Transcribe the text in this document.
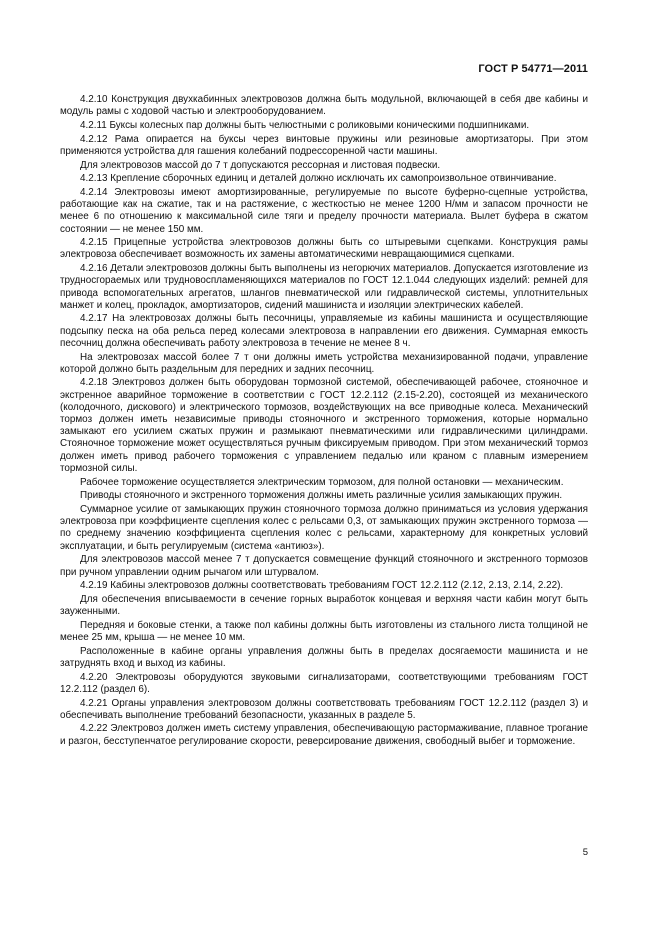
ГОСТ Р 54771—2011

4.2.10 Конструкция двухкабинных электровозов должна быть модульной, включающей в себя две кабины и модуль рамы с ходовой частью и электрооборудованием.

4.2.11 Буксы колесных пар должны быть челюстными с роликовыми коническими подшипниками.

4.2.12 Рама опирается на буксы через винтовые пружины или резиновые амортизаторы. При этом применяются устройства для гашения колебаний подрессоренной части машины.

Для электровозов массой до 7 т допускаются рессорная и листовая подвески.

4.2.13 Крепление сборочных единиц и деталей должно исключать их самопроизвольное отвинчивание.

4.2.14 Электровозы имеют амортизированные, регулируемые по высоте буферно-сцепные устройства, работающие как на сжатие, так и на растяжение, с жесткостью не менее 1200 Н/мм и запасом прочности не менее 6 по отношению к максимальной силе тяги и пределу прочности материала. Вылет буфера в сжатом состоянии — не менее 150 мм.

4.2.15 Прицепные устройства электровозов должны быть со штыревыми сцепками. Конструкция рамы электровоза обеспечивает возможность их замены автоматическими невращающимися сцепками.

4.2.16 Детали электровозов должны быть выполнены из негорючих материалов. Допускается изготовление из трудносгораемых или трудновоспламеняющихся материалов по ГОСТ 12.1.044 следующих изделий: ремней для привода вспомогательных агрегатов, шлангов пневматической или гидравлической системы, уплотнительных манжет и колец, прокладок, амортизаторов, сидений машиниста и изоляции электрических кабелей.

4.2.17 На электровозах должны быть песочницы, управляемые из кабины машиниста и осуществляющие подсыпку песка на оба рельса перед колесами электровоза в направлении его движения. Суммарная емкость песочниц должна обеспечивать работу электровоза в течение не менее 8 ч.

На электровозах массой более 7 т они должны иметь устройства механизированной подачи, управление которой должно быть раздельным для передних и задних песочниц.

4.2.18 Электровоз должен быть оборудован тормозной системой, обеспечивающей рабочее, стояночное и экстренное аварийное торможение в соответствии с ГОСТ 12.2.112 (2.15-2.20), состоящей из механического (колодочного, дискового) и электрического тормозов, воздействующих на все приводные колеса. Механический тормоз должен иметь независимые приводы стояночного и экстренного торможения, которые нормально замыкают его усилием сжатых пружин и размыкают пневматическими или гидравлическими цилиндрами. Стояночное торможение может осуществляться ручным фиксируемым приводом. При этом механический тормоз должен иметь привод рабочего торможения с управлением педалью или краном с плавным измерением тормозной силы.

Рабочее торможение осуществляется электрическим тормозом, для полной остановки — механическим.

Приводы стояночного и экстренного торможения должны иметь различные усилия замыкающих пружин.

Суммарное усилие от замыкающих пружин стояночного тормоза должно приниматься из условия удержания электровоза при коэффициенте сцепления колес с рельсами 0,3, от замыкающих пружин экстренного тормоза — по среднему значению коэффициента сцепления колес с рельсами, характерному для конкретных условий эксплуатации, и быть регулируемым (система «антиюз»).

Для электровозов массой менее 7 т допускается совмещение функций стояночного и экстренного тормозов при ручном управлении одним рычагом или штурвалом.

4.2.19 Кабины электровозов должны соответствовать требованиям ГОСТ 12.2.112 (2.12, 2.13, 2.14, 2.22).

Для обеспечения вписываемости в сечение горных выработок концевая и верхняя части кабин могут быть зауженными.

Передняя и боковые стенки, а также пол кабины должны быть изготовлены из стального листа толщиной не менее 25 мм, крыша — не менее 10 мм.

Расположенные в кабине органы управления должны быть в пределах досягаемости машиниста и не затруднять вход и выход из кабины.

4.2.20 Электровозы оборудуются звуковыми сигнализаторами, соответствующими требованиям ГОСТ 12.2.112 (раздел 6).

4.2.21 Органы управления электровозом должны соответствовать требованиям ГОСТ 12.2.112 (раздел 3) и обеспечивать выполнение требований безопасности, указанных в разделе 5.

4.2.22 Электровоз должен иметь систему управления, обеспечивающую растормаживание, плавное трогание и разгон, бесступенчатое регулирование скорости, реверсирование движения, свободный выбег и торможение.

5
